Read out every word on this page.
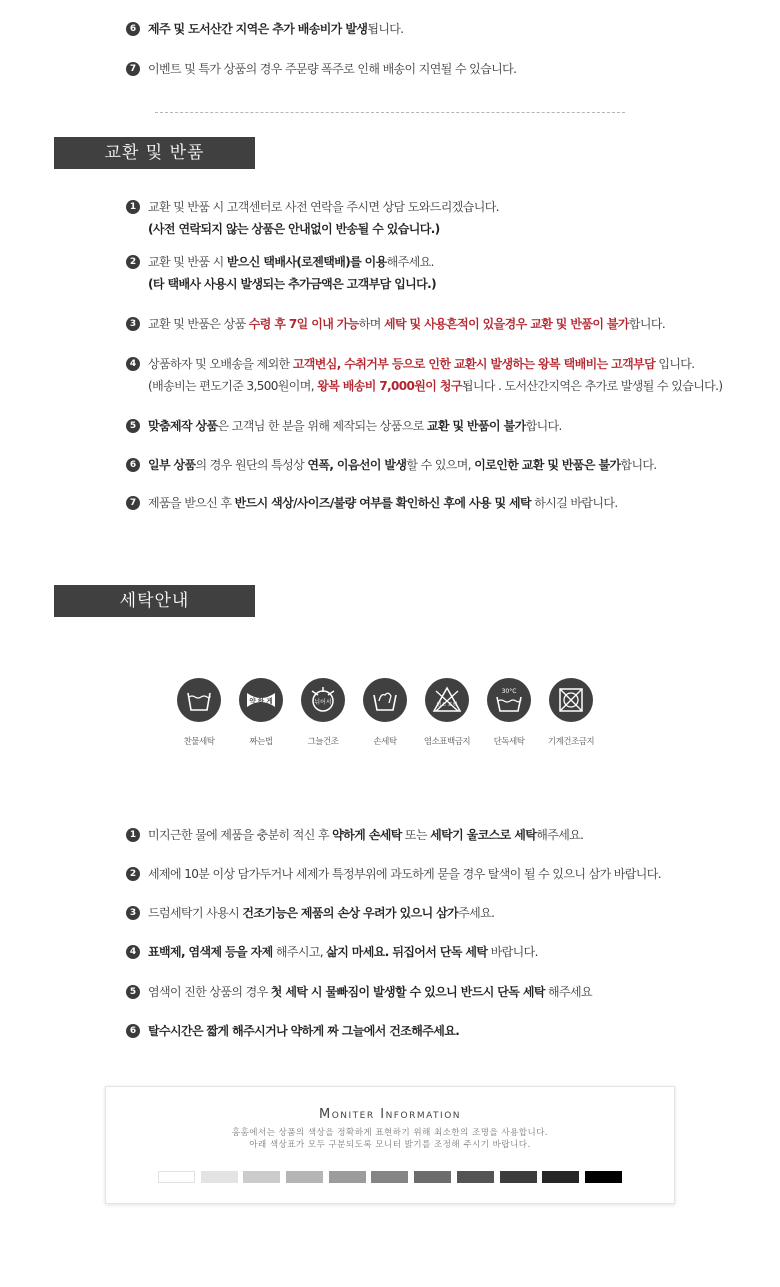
6 제주 및 도서산간 지역은 추가 배송비가 발생됩니다.
7 이벤트 및 특가 상품의 경우 주문량 폭주로 인해 배송이 지연될 수 있습니다.
교환 및 반품
1 교환 및 반품 시 고객센터로 사전 연락을 주시면 상담 도와드리겠습니다.
(사전 연락되지 않는 상품은 안내없이 반송될 수 있습니다.)
2 교환 및 반품 시 받으신 택배사(로젠택배)를 이용해주세요.
(타 택배사 사용시 발생되는 추가금액은 고객부담 입니다.)
3 교환 및 반품은 상품 수령 후 7일 이내 가능하며 세탁 및 사용흔적이 있을경우 교환 및 반품이 불가합니다.
4 상품하자 및 오배송을 제외한 고객변심, 수취거부 등으로 인한 교환시 발생하는 왕복 택배비는 고객부담 입니다.
(배송비는 편도기준 3,500원이며, 왕복 배송비 7,000원이 청구됩니다 . 도서산간지역은 추가로 발생될 수 있습니다.)
5 맞춤제작 상품은 고객님 한 분을 위해 제작되는 상품으로 교환 및 반품이 불가합니다.
6 일부 상품의 경우 원단의 특성상 연폭, 이음선이 발생할 수 있으며, 이로인한 교환 및 반품은 불가합니다.
7 제품을 받으신 후 반드시 색상/사이즈/불량 여부를 확인하신 후에 사용 및 세탁 하시길 바랍니다.
세탁안내
찬물세탁
약 하 게
짜는법
뉘어서
그늘건조	손세탁
염소 표백
염소표백금지
30°C
단독세탁	기계건조금지
1 미지근한 물에 제품을 충분히 적신 후 약하게 손세탁 또는 세탁기 울코스로 세탁해주세요.
2 세제에 10분 이상 담가두거나 세제가 특정부위에 과도하게 묻을 경우 탈색이 될 수 있으니 삼가 바랍니다.
3 드럼세탁기 사용시 건조기능은 제품의 손상 우려가 있으니 삼가주세요.
4 표백제, 염색제 등을 자제 해주시고, 삶지 마세요. 뒤집어서 단독 세탁 바랍니다.
5 염색이 진한 상품의 경우 첫 세탁 시 물빠짐이 발생할 수 있으니 반드시 단독 세탁 해주세요
6 탈수시간은 짧게 해주시거나 약하게 짜 그늘에서 건조해주세요.
Moniter Information
홈홈에서는 상품의 색상을 정확하게 표현하기 위해 최소한의 조명을 사용합니다.
아래 색상표가 모두 구분되도록 모니터 밝기를 조정해 주시기 바랍니다.
